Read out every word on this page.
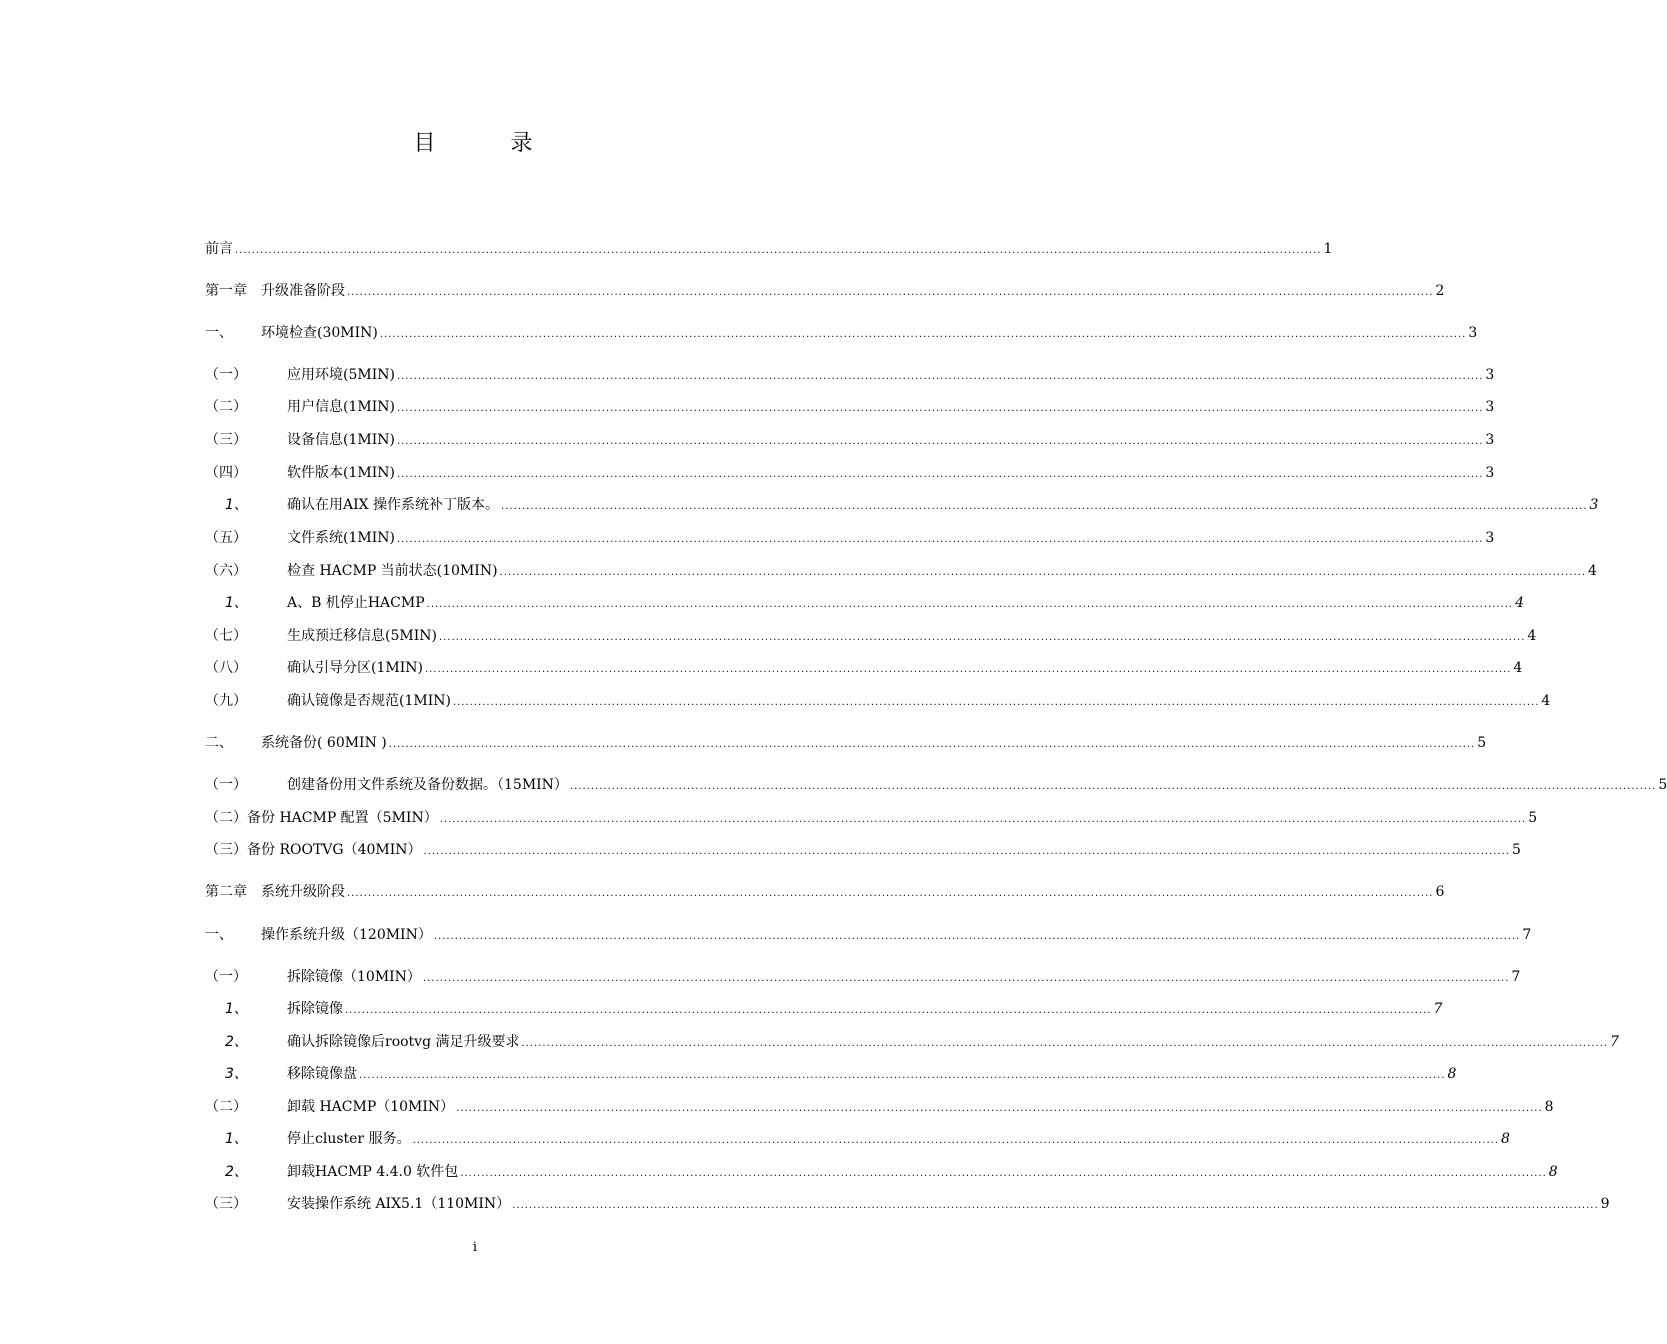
目 录
前言 .................................................................................................................................................................................................................................................................... 1
第一章　升级准备阶段 .................................................................................................................................................................................................................................................................... 2
一、	环境检查(30MIN) .................................................................................................................................................................................................................................................................... 3
（一）	应用环境(5MIN) .................................................................................................................................................................................................................................................................... 3
（二）	用户信息(1MIN) .................................................................................................................................................................................................................................................................... 3
（三）	设备信息(1MIN) .................................................................................................................................................................................................................................................................... 3
（四）	软件版本(1MIN) .................................................................................................................................................................................................................................................................... 3
1、	确认在用AIX 操作系统补丁版本。 .................................................................................................................................................................................................................................................................... 3
（五）	文件系统(1MIN) .................................................................................................................................................................................................................................................................... 3
（六）	检查 HACMP 当前状态(10MIN) .................................................................................................................................................................................................................................................................... 4
1、	A、B 机停止HACMP .................................................................................................................................................................................................................................................................... 4
（七）	生成预迁移信息(5MIN) .................................................................................................................................................................................................................................................................... 4
（八）	确认引导分区(1MIN) .................................................................................................................................................................................................................................................................... 4
（九）	确认镜像是否规范(1MIN) .................................................................................................................................................................................................................................................................... 4
二、	系统备份( 60MIN ) .................................................................................................................................................................................................................................................................... 5
（一）	创建备份用文件系统及备份数据。（15MIN） .................................................................................................................................................................................................................................................................... 5
（二） 备份 HACMP 配置（5MIN） .................................................................................................................................................................................................................................................................... 5
（三） 备份 ROOTVG（40MIN） .................................................................................................................................................................................................................................................................... 5
第二章　系统升级阶段 .................................................................................................................................................................................................................................................................... 6
一、	操作系统升级（120MIN） .................................................................................................................................................................................................................................................................... 7
（一）	拆除镜像（10MIN） .................................................................................................................................................................................................................................................................... 7
1、	拆除镜像 .................................................................................................................................................................................................................................................................... 7
2、	确认拆除镜像后rootvg 满足升级要求 .................................................................................................................................................................................................................................................................... 7
3、	移除镜像盘 .................................................................................................................................................................................................................................................................... 8
（二）	卸载 HACMP（10MIN） .................................................................................................................................................................................................................................................................... 8
1、	停止cluster 服务。 .................................................................................................................................................................................................................................................................... 8
2、	卸载HACMP 4.4.0 软件包 .................................................................................................................................................................................................................................................................... 8
（三）	安装操作系统 AIX5.1（110MIN） .................................................................................................................................................................................................................................................................... 9
i
